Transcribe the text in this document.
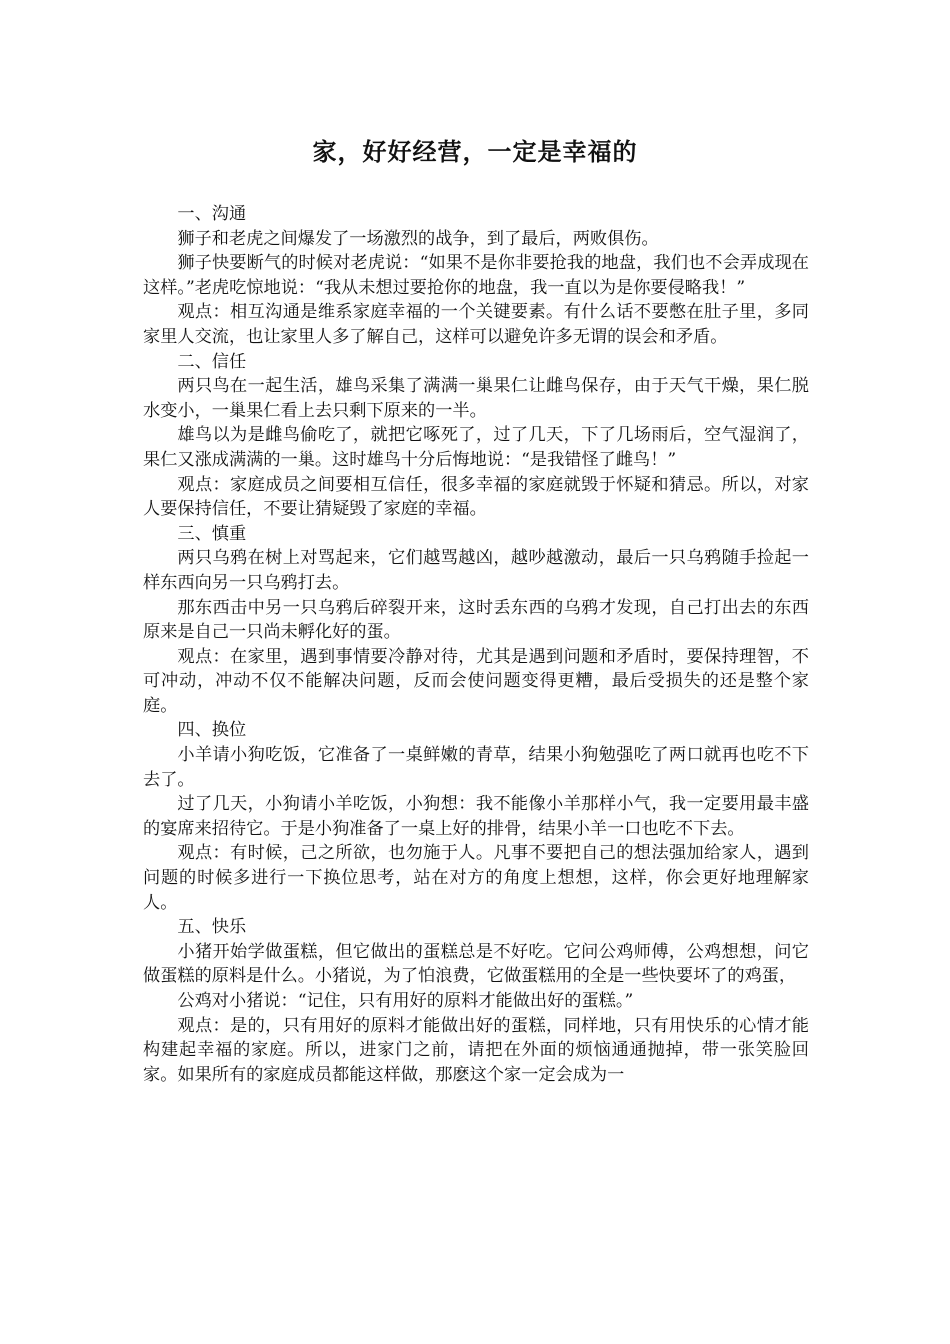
家，好好经营，一定是幸福的

一、沟通

狮子和老虎之间爆发了一场激烈的战争，到了最后，两败俱伤。

狮子快要断气的时候对老虎说：“如果不是你非要抢我的地盘，我们也不会弄成现在这样。”老虎吃惊地说：“我从未想过要抢你的地盘，我一直以为是你要侵略我！”

观点：相互沟通是维系家庭幸福的一个关键要素。有什么话不要憋在肚子里，多同家里人交流，也让家里人多了解自己，这样可以避免许多无谓的误会和矛盾。

二、信任

两只鸟在一起生活，雄鸟采集了满满一巢果仁让雌鸟保存，由于天气干燥，果仁脱水变小，一巢果仁看上去只剩下原来的一半。

雄鸟以为是雌鸟偷吃了，就把它啄死了，过了几天，下了几场雨后，空气湿润了，果仁又涨成满满的一巢。这时雄鸟十分后悔地说：“是我错怪了雌鸟！”

观点：家庭成员之间要相互信任，很多幸福的家庭就毁于怀疑和猜忌。所以，对家人要保持信任，不要让猜疑毁了家庭的幸福。

三、慎重

两只乌鸦在树上对骂起来，它们越骂越凶，越吵越激动，最后一只乌鸦随手捡起一样东西向另一只乌鸦打去。

那东西击中另一只乌鸦后碎裂开来，这时丢东西的乌鸦才发现，自己打出去的东西原来是自己一只尚未孵化好的蛋。

观点：在家里，遇到事情要冷静对待，尤其是遇到问题和矛盾时，要保持理智，不可冲动，冲动不仅不能解决问题，反而会使问题变得更糟，最后受损失的还是整个家庭。

四、换位

小羊请小狗吃饭，它准备了一桌鲜嫩的青草，结果小狗勉强吃了两口就再也吃不下去了。

过了几天，小狗请小羊吃饭，小狗想：我不能像小羊那样小气，我一定要用最丰盛的宴席来招待它。于是小狗准备了一桌上好的排骨，结果小羊一口也吃不下去。

观点：有时候，己之所欲，也勿施于人。凡事不要把自己的想法强加给家人，遇到问题的时候多进行一下换位思考，站在对方的角度上想想，这样，你会更好地理解家人。

五、快乐

小猪开始学做蛋糕，但它做出的蛋糕总是不好吃。它问公鸡师傅，公鸡想想，问它做蛋糕的原料是什么。小猪说，为了怕浪费，它做蛋糕用的全是一些快要坏了的鸡蛋，

公鸡对小猪说：“记住，只有用好的原料才能做出好的蛋糕。”

观点：是的，只有用好的原料才能做出好的蛋糕，同样地，只有用快乐的心情才能构建起幸福的家庭。所以，进家门之前，请把在外面的烦恼通通抛掉，带一张笑脸回家。如果所有的家庭成员都能这样做，那麽这个家一定会成为一
